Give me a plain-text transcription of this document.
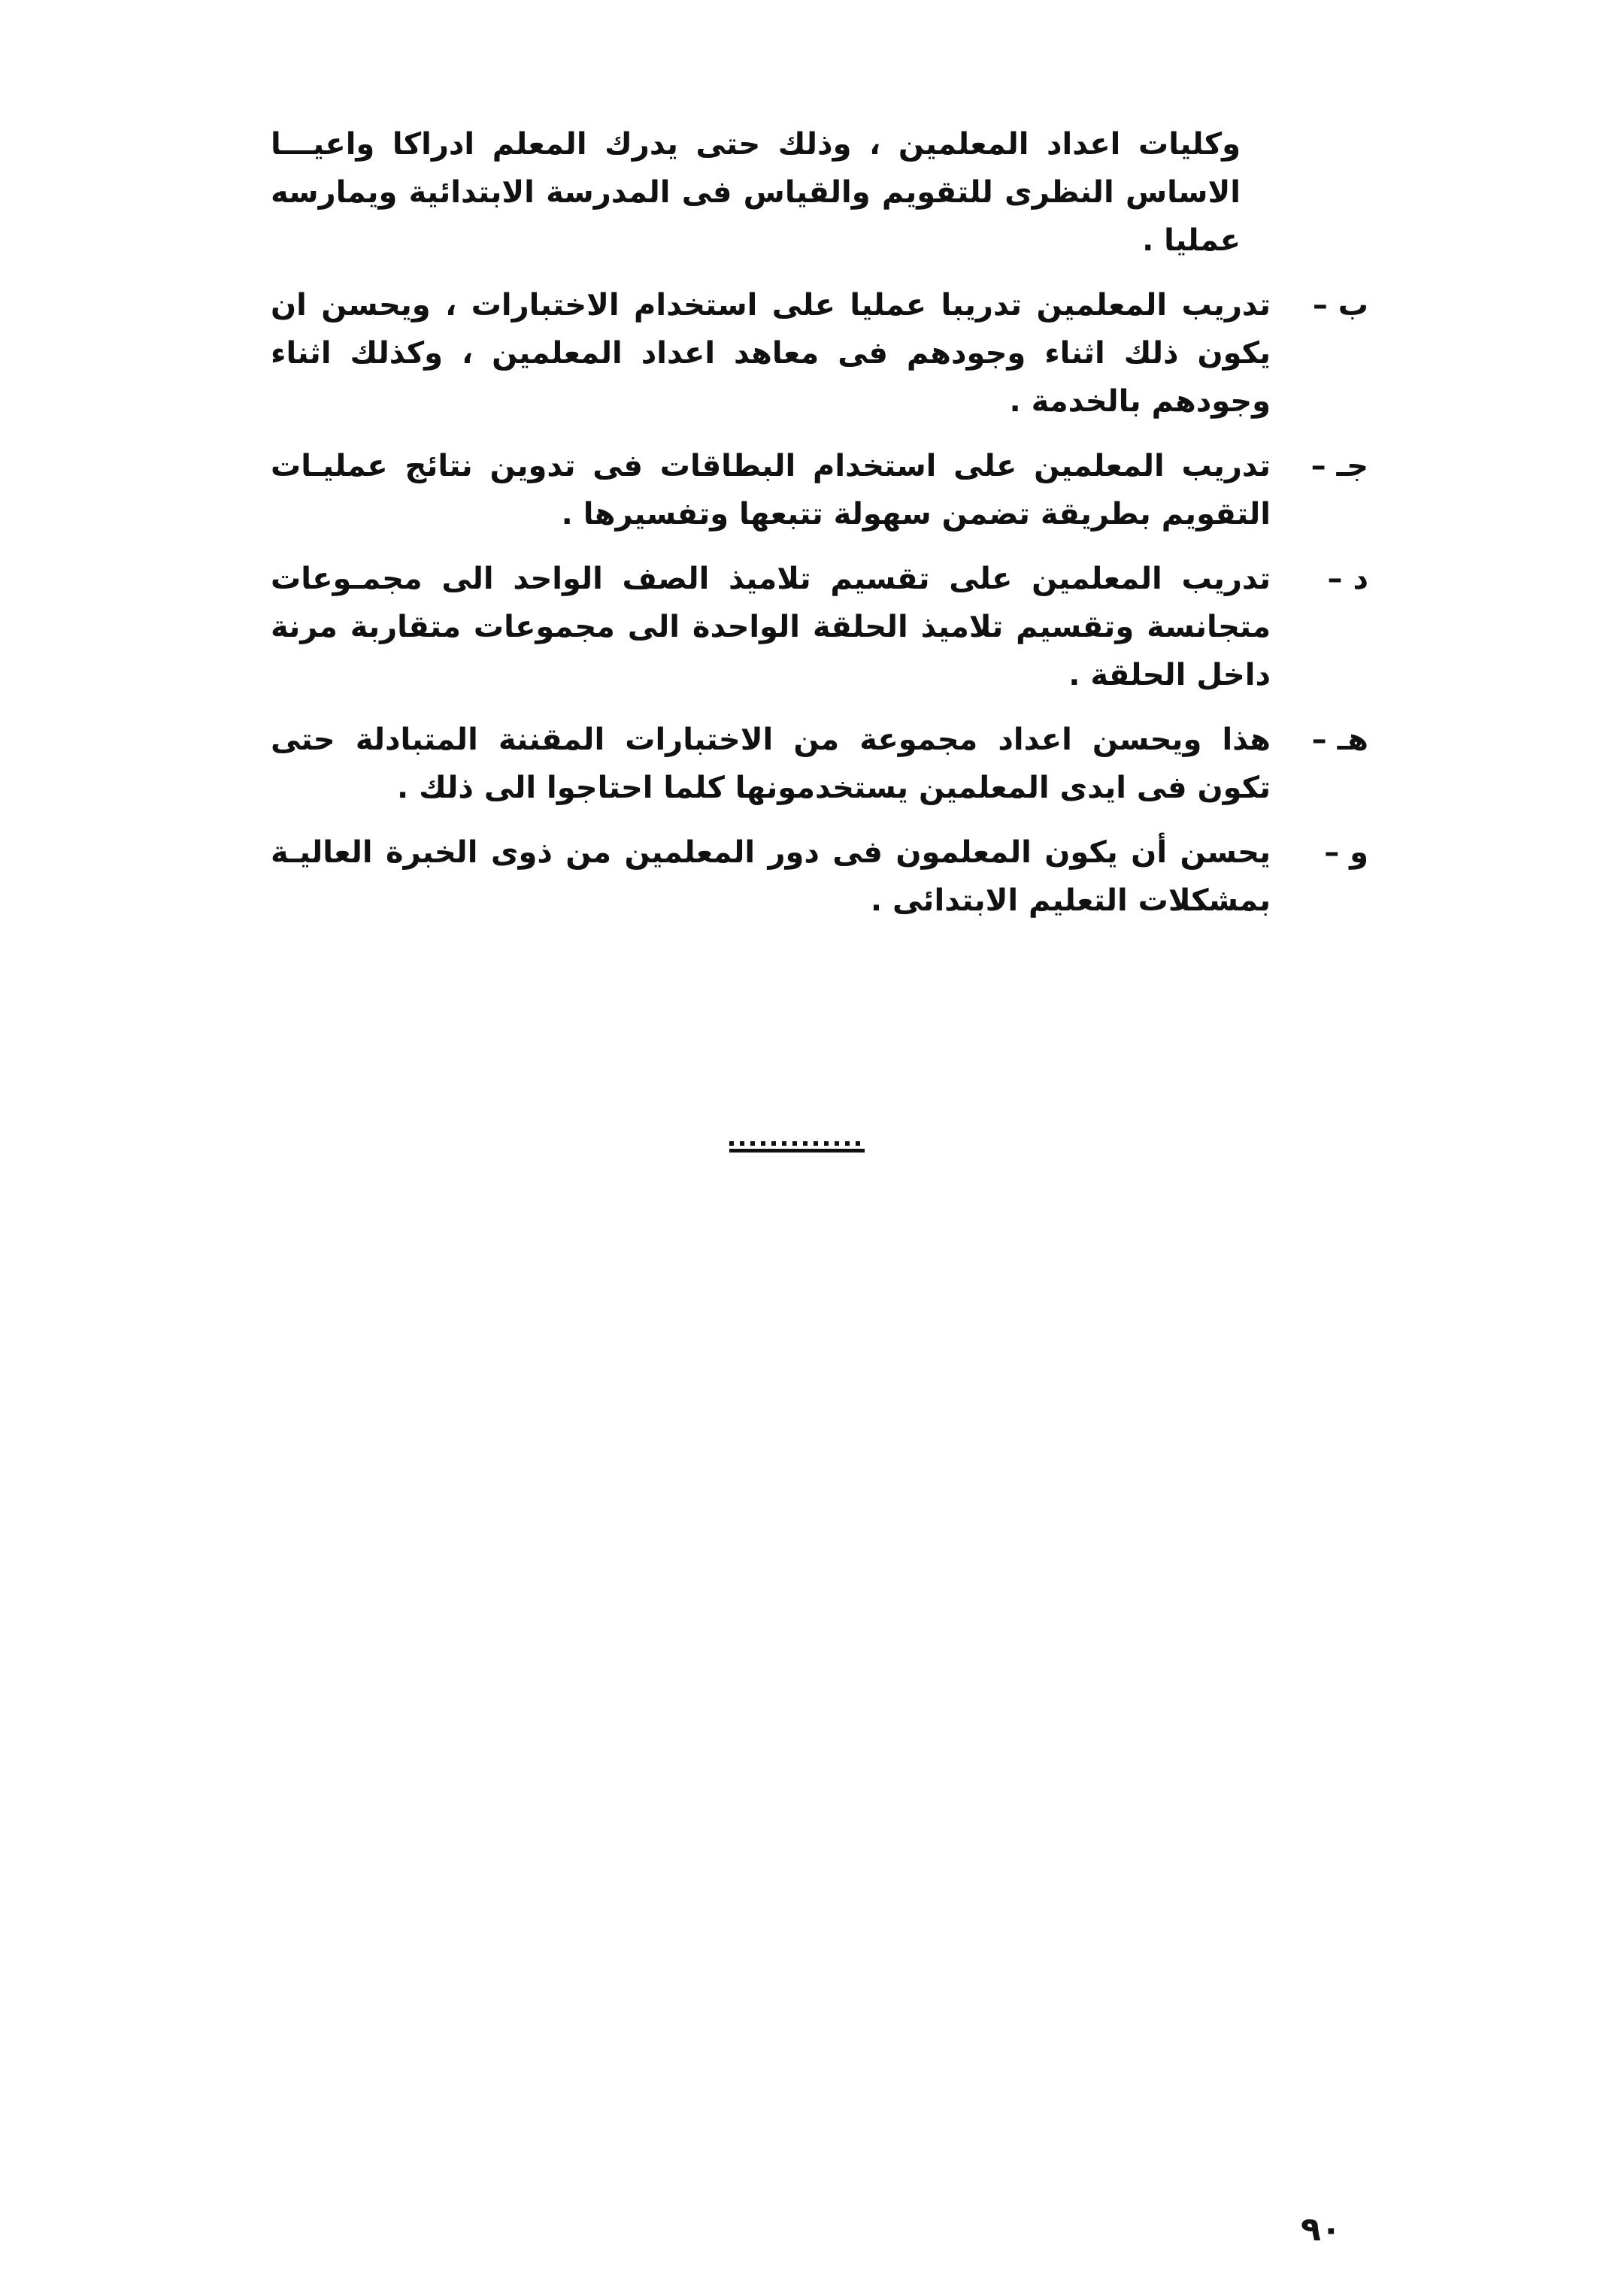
وكليات اعداد المعلمين ، وذلك حتى يدرك المعلم ادراكا واعيـــا الاساس النظرى للتقويم والقياس فى المدرسة الابتدائية ويمارسه عمليا .

ب –
تدريب المعلمين تدريبا عمليا على استخدام الاختبارات ، ويحسن ان يكون ذلك اثناء وجودهم فى معاهد اعداد المعلمين ، وكذلك اثناء وجودهم بالخدمة .
جـ –
تدريب المعلمين على استخدام البطاقات فى تدوين نتائج عمليـات التقويم بطريقة تضمن سهولة تتبعها وتفسيرها .
د –
تدريب المعلمين على تقسيم تلاميذ الصف الواحد الى مجمـوعات متجانسة وتقسيم تلاميذ الحلقة الواحدة الى مجموعات متقاربة مرنة داخل الحلقة .
هـ –
هذا ويحسن اعداد مجموعة من الاختبارات المقننة المتبادلة حتى تكون فى ايدى المعلمين يستخدمونها كلما احتاجوا الى ذلك .
و –
يحسن أن يكون المعلمون فى دور المعلمين من ذوى الخبرة العاليـة بمشكلات التعليم الابتدائى .
٩٠
